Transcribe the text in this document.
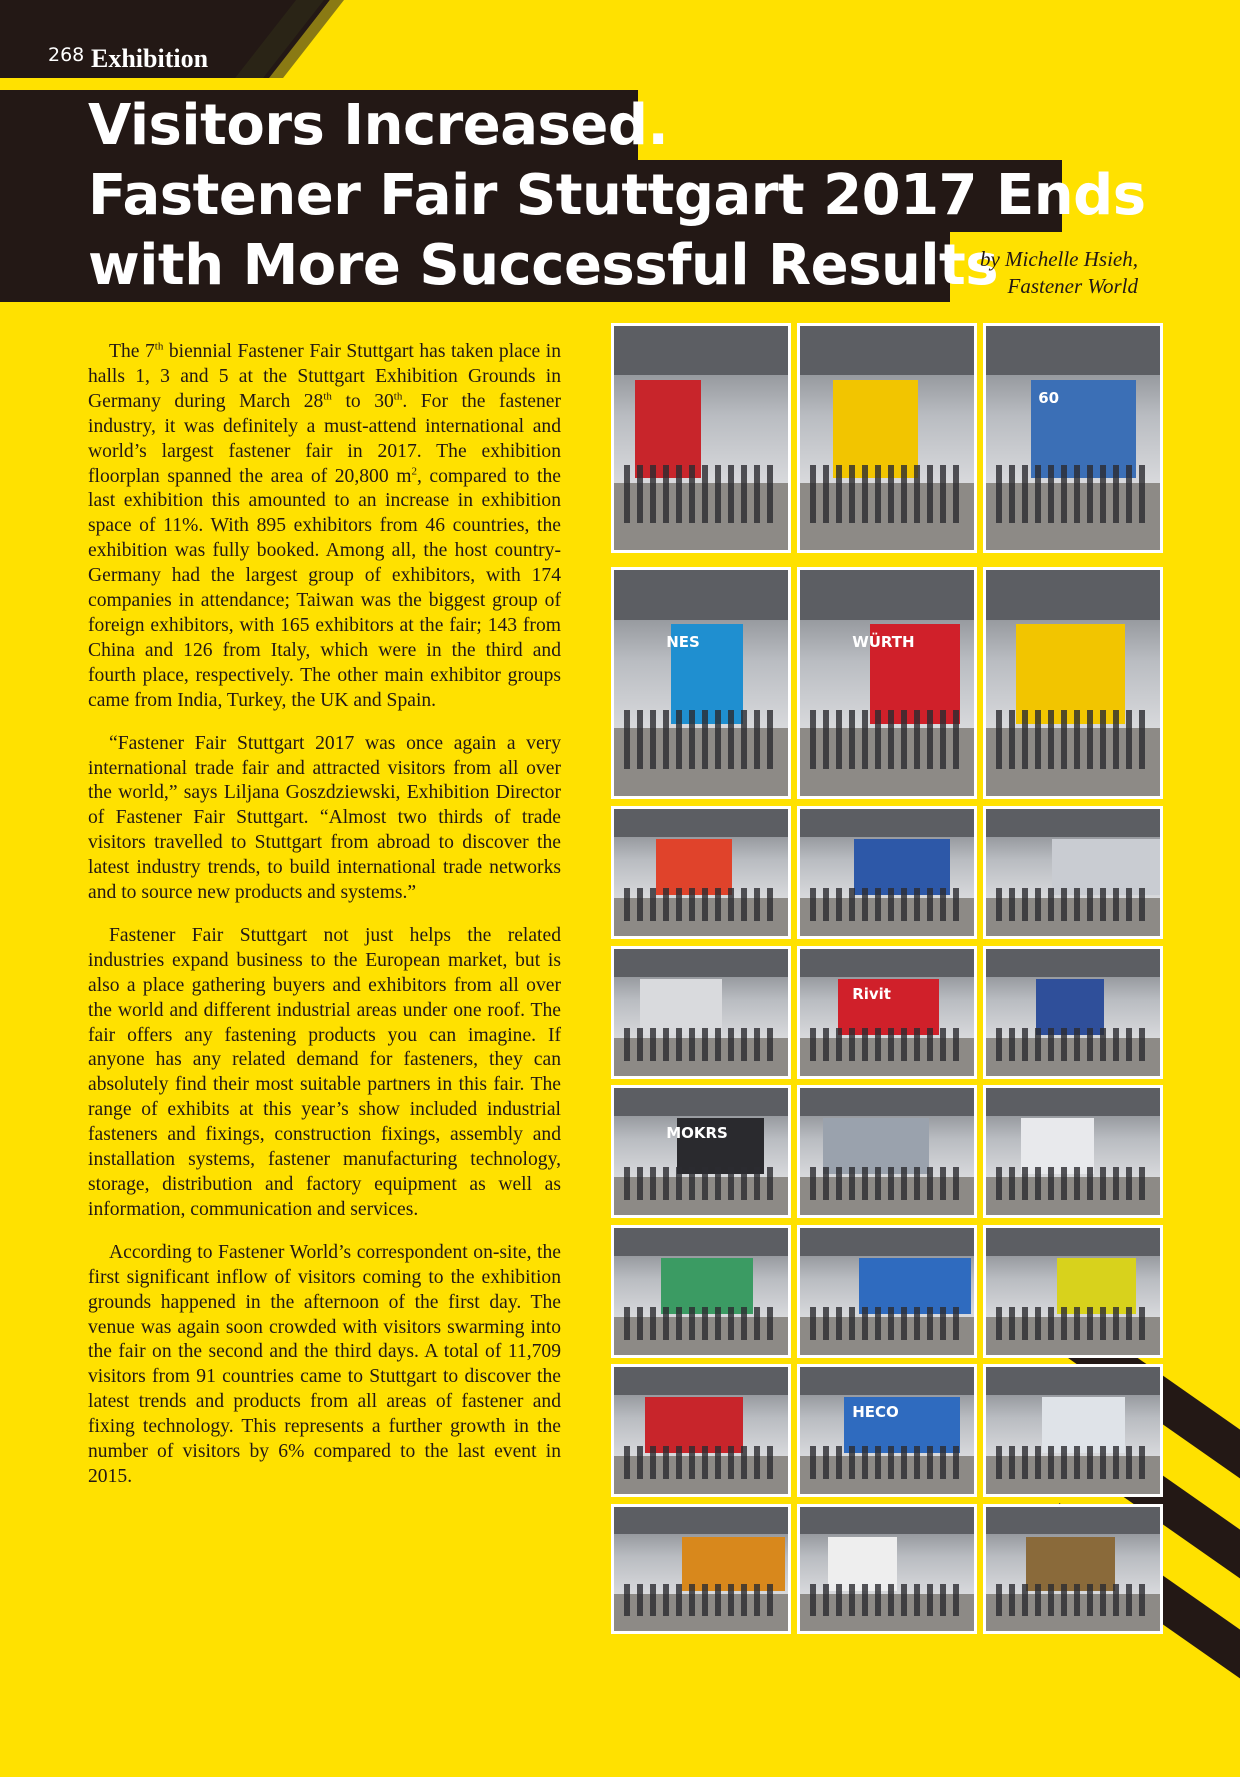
268 Exhibition
Visitors Increased.
Fastener Fair Stuttgart 2017 Ends
with More Successful Results
by Michelle Hsieh,
Fastener World

The 7th biennial Fastener Fair Stuttgart has taken place in halls 1, 3 and 5 at the Stuttgart Exhibition Grounds in Germany during March 28th to 30th. For the fastener industry, it was definitely a must-attend international and world’s largest fastener fair in 2017. The exhibition floorplan spanned the area of 20,800 $m^2$, compared to the last exhibition this amounted to an increase in exhibition space of 11%. With 895 exhibitors from 46 countries, the exhibition was fully booked. Among all, the host country- Germany had the largest group of exhibitors, with 174 companies in attendance; Taiwan was the biggest group of foreign exhibitors, with 165 exhibitors at the fair; 143 from China and 126 from Italy, which were in the third and fourth place, respectively. The other main exhibitor groups came from India, Turkey, the UK and Spain.

“Fastener Fair Stuttgart 2017 was once again a very international trade fair and attracted visitors from all over the world,” says Liljana Goszdziewski, Exhibition Director of Fastener Fair Stuttgart. “Almost two thirds of trade visitors travelled to Stuttgart from abroad to discover the latest industry trends, to build international trade networks and to source new products and systems.”

Fastener Fair Stuttgart not just helps the related industries expand business to the European market, but is also a place gathering buyers and exhibitors from all over the world and different industrial areas under one roof. The fair offers any fastening products you can imagine. If anyone has any related demand for fasteners, they can absolutely find their most suitable partners in this fair. The range of exhibits at this year’s show included industrial fasteners and fixings, construction fixings, assembly and installation systems, fastener manufacturing technology, storage, distribution and factory equipment as well as information, communication and services.

According to Fastener World’s correspondent on-site, the first significant inflow of visitors coming to the exhibition grounds happened in the afternoon of the first day. The venue was again soon crowded with visitors swarming into the fair on the second and the third days. A total of 11,709 visitors from 91 countries came to Stuttgart to discover the latest trends and products from all areas of fastener and fixing technology. This represents a further growth in the number of visitors by 6% compared to the last event in 2015.

60
NES	WÜRTH
Rivit
MOKRS
HECO
